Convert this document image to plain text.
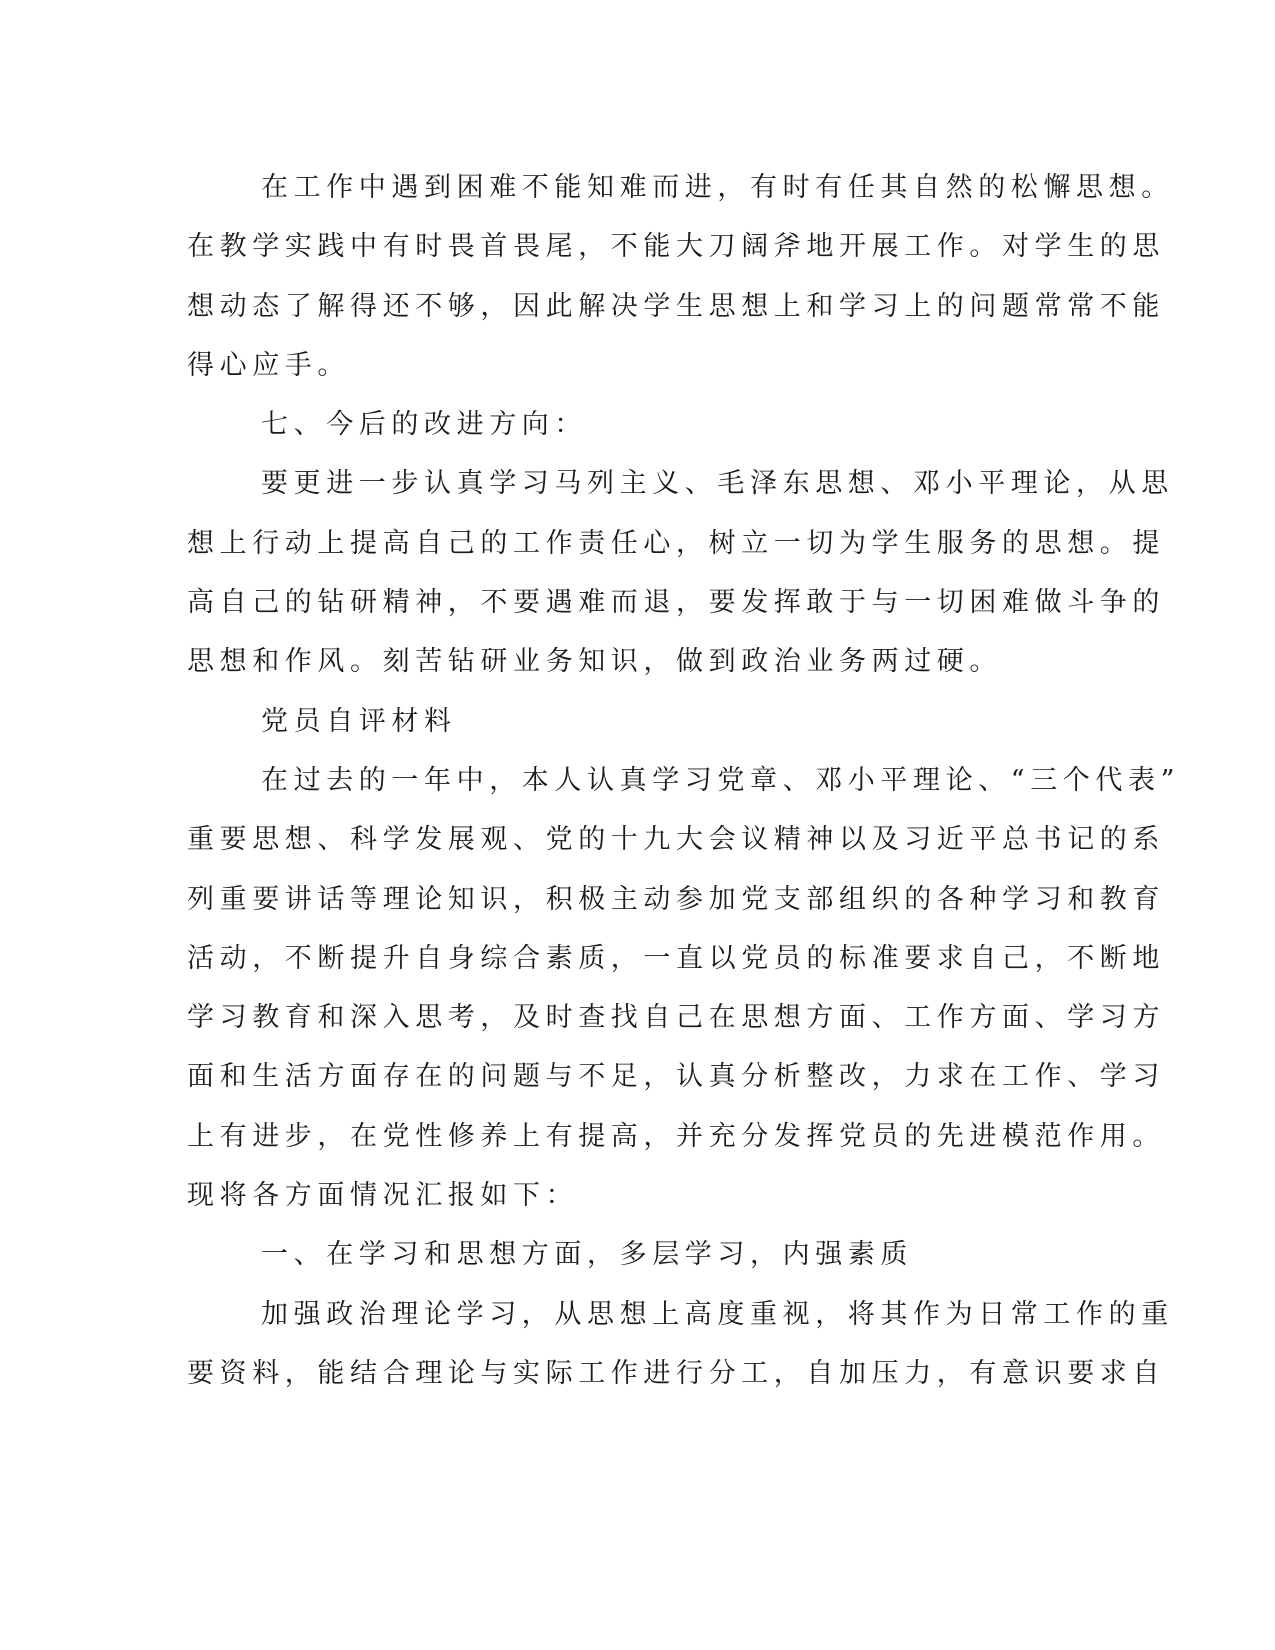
在工作中遇到困难不能知难而进，有时有任其自然的松懈思想。
在教学实践中有时畏首畏尾，不能大刀阔斧地开展工作。对学生的思
想动态了解得还不够，因此解决学生思想上和学习上的问题常常不能
得心应手。
七、今后的改进方向：
要更进一步认真学习马列主义、毛泽东思想、邓小平理论，从思
想上行动上提高自己的工作责任心，树立一切为学生服务的思想。提
高自己的钻研精神，不要遇难而退，要发挥敢于与一切困难做斗争的
思想和作风。刻苦钻研业务知识，做到政治业务两过硬。
党员自评材料
在过去的一年中，本人认真学习党章、邓小平理论、“三个代表”
重要思想、科学发展观、党的十九大会议精神以及习近平总书记的系
列重要讲话等理论知识，积极主动参加党支部组织的各种学习和教育
活动，不断提升自身综合素质，一直以党员的标准要求自己，不断地
学习教育和深入思考，及时查找自己在思想方面、工作方面、学习方
面和生活方面存在的问题与不足，认真分析整改，力求在工作、学习
上有进步，在党性修养上有提高，并充分发挥党员的先进模范作用。
现将各方面情况汇报如下：
一、在学习和思想方面，多层学习，内强素质
加强政治理论学习，从思想上高度重视，将其作为日常工作的重
要资料，能结合理论与实际工作进行分工，自加压力，有意识要求自
